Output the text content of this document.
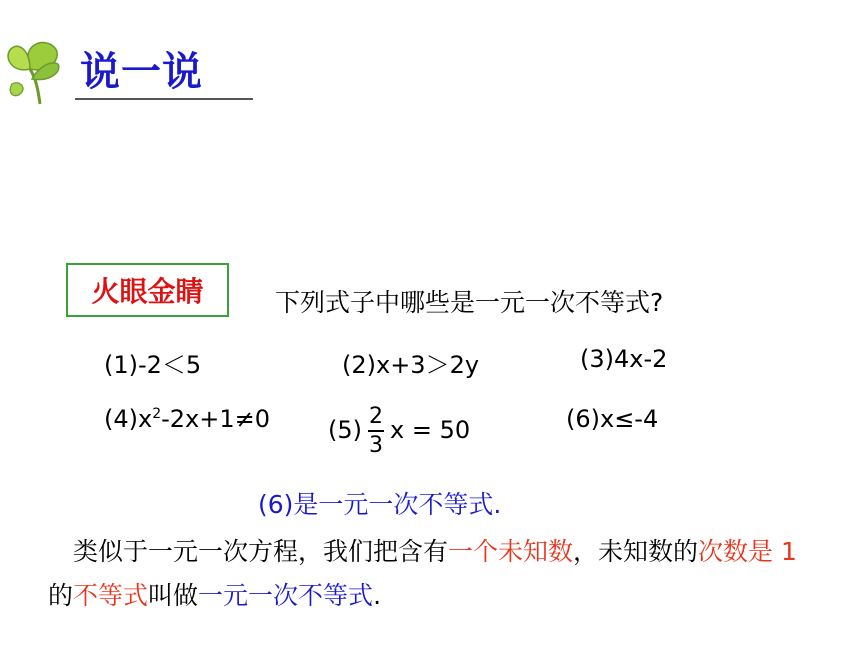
说一说
火眼金睛	下列式子中哪些是一元一次不等式?
(1)-2＜5	(2)x+3＞2y	(3)4x-2
$(4)x^2-2x+1\ne 0$ $(5) \frac{2}{3}$ x = 50	(6)x≤-4
(6)是一元一次不等式.
　类似于一元一次方程，我们把含有一个未知数，未知数的次数是 1 的不等式叫做一元一次不等式.
